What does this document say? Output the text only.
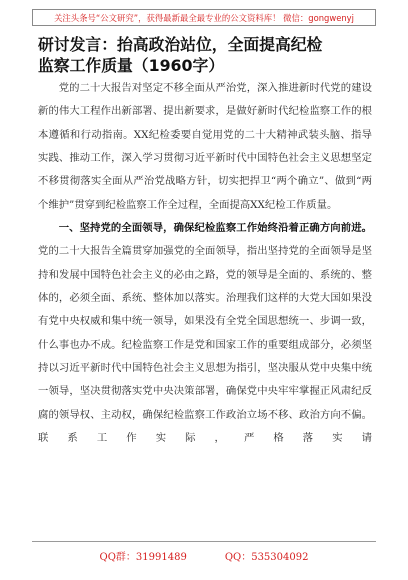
关注头条号“公文研究”，获得最新最全最专业的公文资料库！ 微信：gongwenyj
研讨发言：抬高政治站位，全面提高纪检
监察工作质量（1960字）

党的二十大报告对坚定不移全面从严治党，深入推进新时代党的建设新的伟大工程作出新部署、提出新要求，是做好新时代纪检监察工作的根本遵循和行动指南。XX纪检委要自觉用党的二十大精神武装头脑、指导实践、推动工作，深入学习贯彻习近平新时代中国特色社会主义思想坚定不移贯彻落实全面从严治党战略方针，切实把捍卫“两个确立”、做到“两个维护”贯穿到纪检监察工作全过程，全面提高XX纪检工作质量。

一、坚持党的全面领导，确保纪检监察工作始终沿着正确方向前进。党的二十大报告全篇贯穿加强党的全面领导，指出坚持党的全面领导是坚持和发展中国特色社会主义的必由之路，党的领导是全面的、系统的、整体的，必须全面、系统、整体加以落实。治理我们这样的大党大国如果没有党中央权威和集中统一领导，如果没有全党全国思想统一、步调一致，什么事也办不成。纪检监察工作是党和国家工作的重要组成部分，必须坚持以习近平新时代中国特色社会主义思想为指引，坚决服从党中央集中统一领导，坚决贯彻落实党中央决策部署，确保党中央牢牢掌握正风肃纪反腐的领导权、主动权，确保纪检监察工作政治立场不移、政治方向不偏。联系工作实际，严格落实请

QQ群：31991489	QQ：535304092
